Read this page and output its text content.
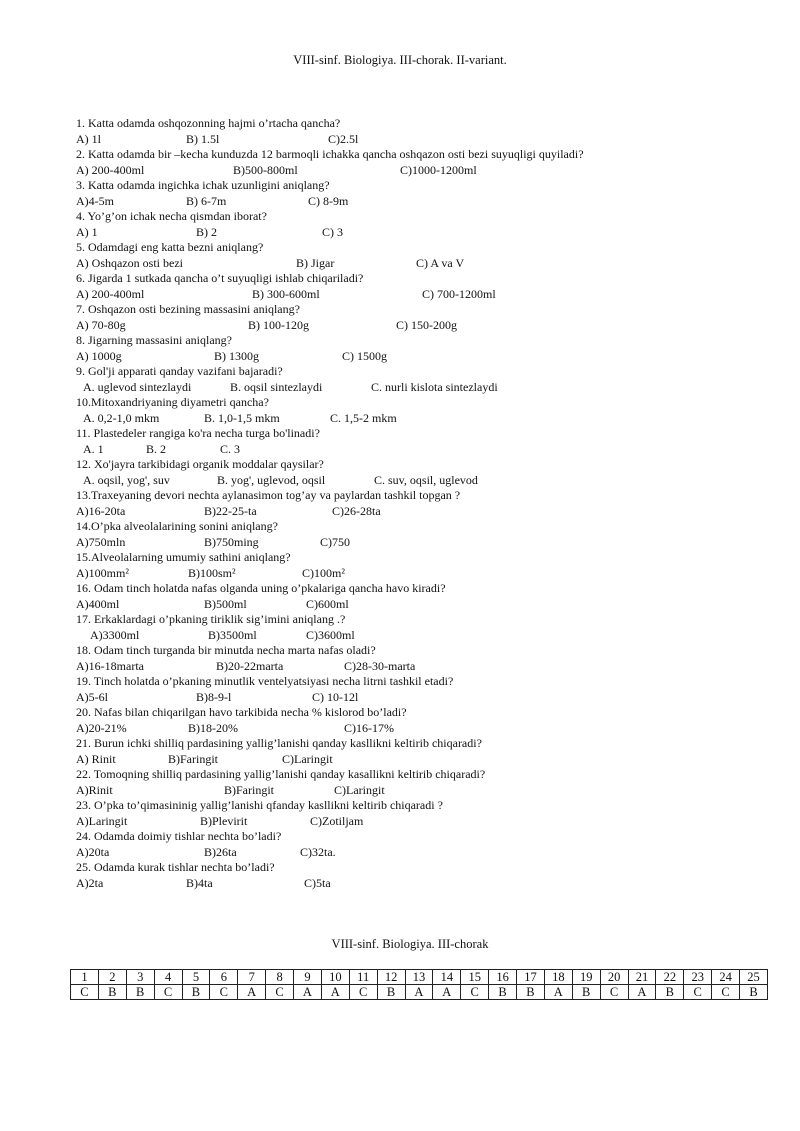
VIII-sinf. Biologiya. III-chorak. II-variant.
1. Katta odamda oshqozonning hajmi o’rtacha qancha?
A) 1l	B) 1.5l	C)2.5l
2. Katta odamda bir –kecha kunduzda 12 barmoqli ichakka qancha oshqazon osti bezi suyuqligi quyiladi?
A) 200-400ml	B)500-800ml	C)1000-1200ml
3. Katta odamda ingichka ichak uzunligini aniqlang?
A)4-5m	B) 6-7m	C) 8-9m
4. Yo’g’on ichak necha qismdan iborat?
A) 1	B) 2	C) 3
5. Odamdagi eng katta bezni aniqlang?
A) Oshqazon osti bezi	B) Jigar	C) A va V
6. Jigarda 1 sutkada qancha o’t suyuqligi ishlab chiqariladi?
A) 200-400ml	B) 300-600ml	C) 700-1200ml
7. Oshqazon osti bezining massasini aniqlang?
A) 70-80g	B) 100-120g	C) 150-200g
8. Jigarning massasini aniqlang?
A) 1000g	B) 1300g	C) 1500g
9. Gol'ji apparati qanday vazifani bajaradi?
A. uglevod sintezlaydi	B. oqsil sintezlaydi	C. nurli kislota sintezlaydi
10.Mitoxandriyaning diyametri qancha?
A. 0,2-1,0 mkm	B. 1,0-1,5 mkm	C. 1,5-2 mkm
11. Plastedeler rangiga ko'ra necha turga bo'linadi?
A. 1	B. 2	C. 3
12. Xo'jayra tarkibidagi organik moddalar qaysilar?
A. oqsil, yog', suv	B. yog', uglevod, oqsil	C. suv, oqsil, uglevod
13.Traxeyaning devori nechta aylanasimon tog’ay va paylardan tashkil topgan ?
A)16-20ta	B)22-25-ta	C)26-28ta
14.O’pka alveolalarining sonini aniqlang?
A)750mln	B)750ming	C)750
15.Alveolalarning umumiy sathini aniqlang?
A)100mm²	B)100sm²	C)100m²
16. Odam tinch holatda nafas olganda uning o’pkalariga qancha havo kiradi?
A)400ml	B)500ml	C)600ml
17. Erkaklardagi o’pkaning tiriklik sig’imini aniqlang .?
A)3300ml	B)3500ml	C)3600ml
18. Odam tinch turganda bir minutda necha marta nafas oladi?
A)16-18marta	B)20-22marta	C)28-30-marta
19. Tinch holatda o’pkaning minutlik ventelyatsiyasi necha litrni tashkil etadi?
A)5-6l	B)8-9-l	C) 10-12l
20. Nafas bilan chiqarilgan havo tarkibida necha % kislorod bo’ladi?
A)20-21%	B)18-20%	C)16-17%
21. Burun ichki shilliq pardasining yallig’lanishi qanday kasllikni keltirib chiqaradi?
A) Rinit	B)Faringit	C)Laringit
22. Tomoqning shilliq pardasining yallig’lanishi qanday kasallikni keltirib chiqaradi?
A)Rinit	B)Faringit	C)Laringit
23. O’pka to’qimasininig yallig’lanishi qfanday kasllikni keltirib chiqaradi ?
A)Laringit	B)Plevirit	C)Zotiljam
24. Odamda doimiy tishlar nechta bo’ladi?
A)20ta	B)26ta	C)32ta.
25. Odamda kurak tishlar nechta bo’ladi?
A)2ta	B)4ta	C)5ta
VIII-sinf. Biologiya. III-chorak
1	2	3	4	5	6	7	8	9	10	11	12	13	14	15	16	17	18	19	20	21	22	23	24	25
C	B	B	C	B	C	A	C	A	A	C	B	A	A	C	B	B	A	B	C	A	B	C	C	B
